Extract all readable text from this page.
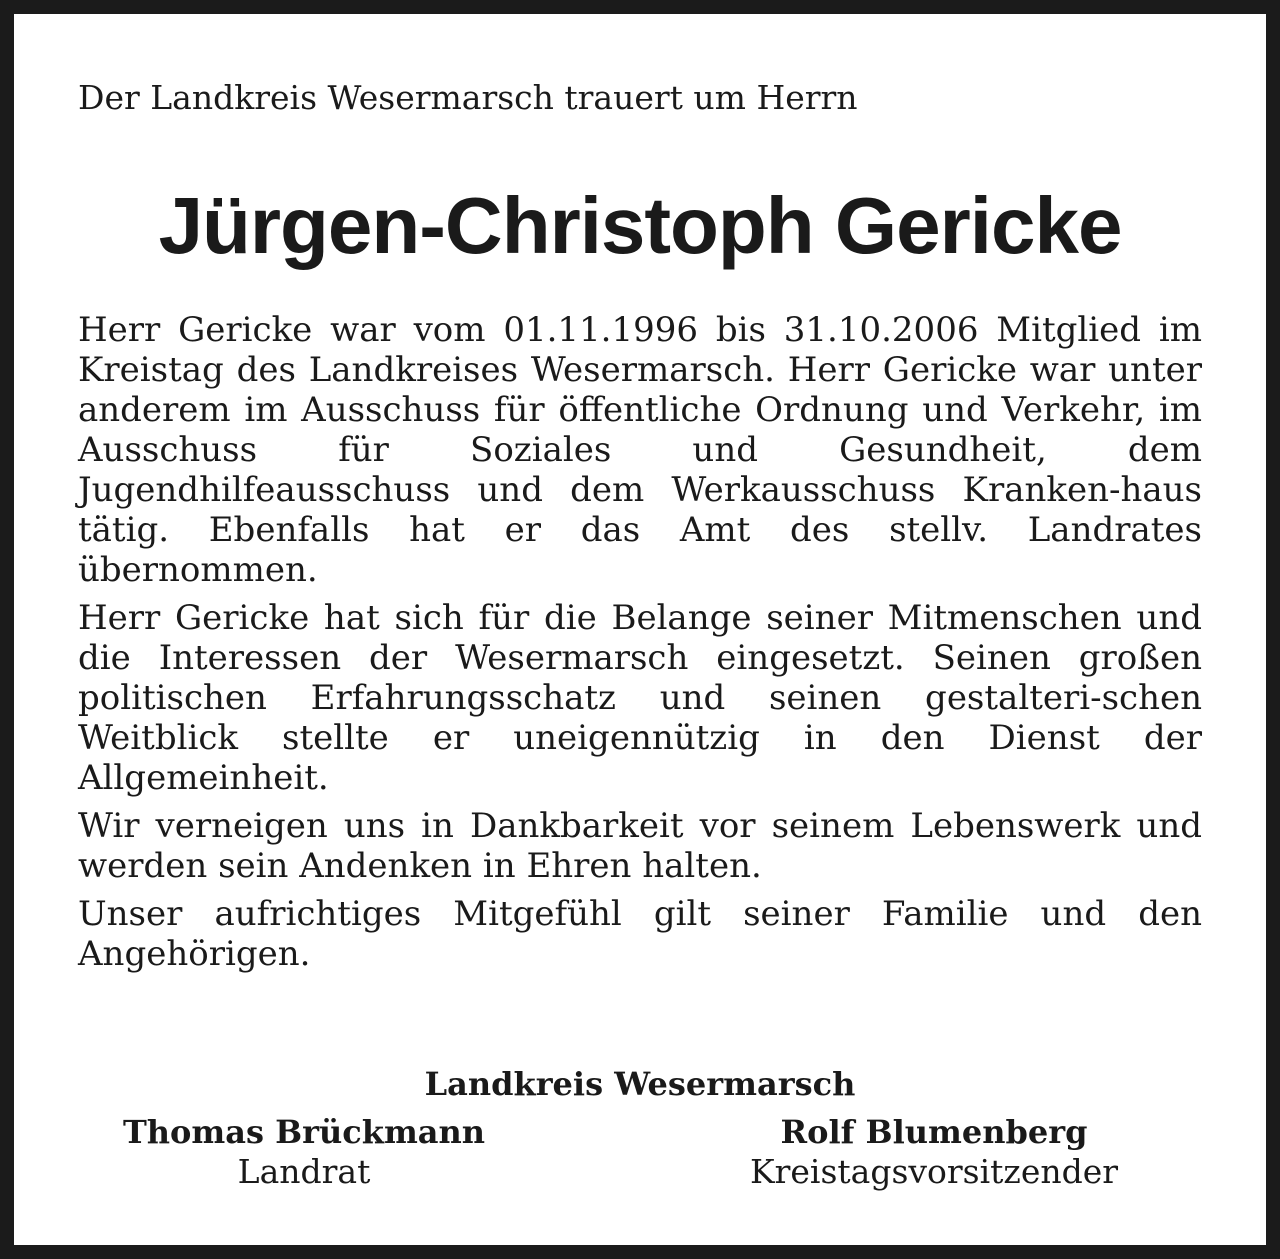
Der Landkreis Wesermarsch trauert um Herrn
Jürgen-Christoph Gericke

Herr Gericke war vom 01.11.1996 bis 31.10.2006 Mitglied im Kreistag des Landkreises Wesermarsch. Herr Gericke war unter anderem im Ausschuss für öffentliche Ordnung und Verkehr, im Ausschuss für Soziales und Gesundheit, dem Jugendhilfeausschuss und dem Werkausschuss Kranken-haus tätig. Ebenfalls hat er das Amt des stellv. Landrates übernommen.

Herr Gericke hat sich für die Belange seiner Mitmenschen und die Interessen der Wesermarsch eingesetzt. Seinen großen politischen Erfahrungsschatz und seinen gestalteri-schen Weitblick stellte er uneigennützig in den Dienst der Allgemeinheit.

Wir verneigen uns in Dankbarkeit vor seinem Lebenswerk und werden sein Andenken in Ehren halten.

Unser aufrichtiges Mitgefühl gilt seiner Familie und den Angehörigen.

Landkreis Wesermarsch
Thomas Brückmann
Landrat
Rolf Blumenberg
Kreistagsvorsitzender
